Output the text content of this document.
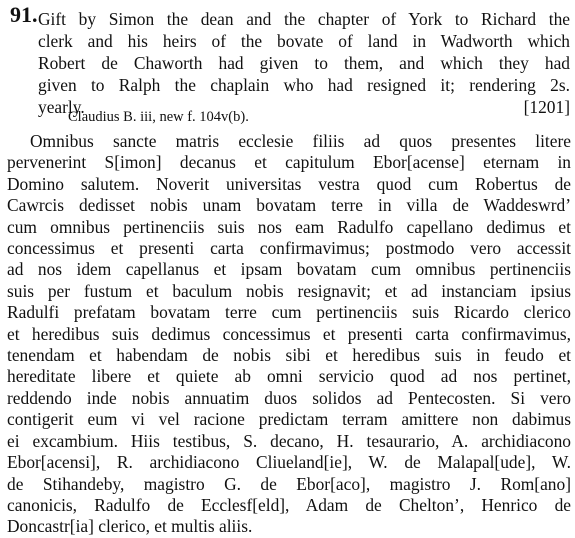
91. Gift by Simon the dean and the chapter of York to Richard the
clerk and his heirs of the bovate of land in Wadworth which
Robert de Chaworth had given to them, and which they had
given to Ralph the chaplain who had resigned it; rendering 2s.
yearly.	[1201]
Claudius B. iii, new f. 104v(b).
Omnibus sancte matris ecclesie filiis ad quos presentes litere
pervenerint S[imon] decanus et capitulum Ebor[acense] eternam in
Domino salutem. Noverit universitas vestra quod cum Robertus de
Cawrcis dedisset nobis unam bovatam terre in villa de Waddeswrd’
cum omnibus pertinenciis suis nos eam Radulfo capellano dedimus et
concessimus et presenti carta confirmavimus; postmodo vero accessit
ad nos idem capellanus et ipsam bovatam cum omnibus pertinenciis
suis per fustum et baculum nobis resignavit; et ad instanciam ipsius
Radulfi prefatam bovatam terre cum pertinenciis suis Ricardo clerico
et heredibus suis dedimus concessimus et presenti carta confirmavimus,
tenendam et habendam de nobis sibi et heredibus suis in feudo et
hereditate libere et quiete ab omni servicio quod ad nos pertinet,
reddendo inde nobis annuatim duos solidos ad Pentecosten. Si vero
contigerit eum vi vel racione predictam terram amittere non dabimus
ei excambium. Hiis testibus, S. decano, H. tesaurario, A. archidiacono
Ebor[acensi], R. archidiacono Cliueland[ie], W. de Malapal[ude], W.
de Stihandeby, magistro G. de Ebor[aco], magistro J. Rom[ano]
canonicis, Radulfo de Ecclesf[eld], Adam de Chelton’, Henrico de
Doncastr[ia] clerico, et multis aliis.
